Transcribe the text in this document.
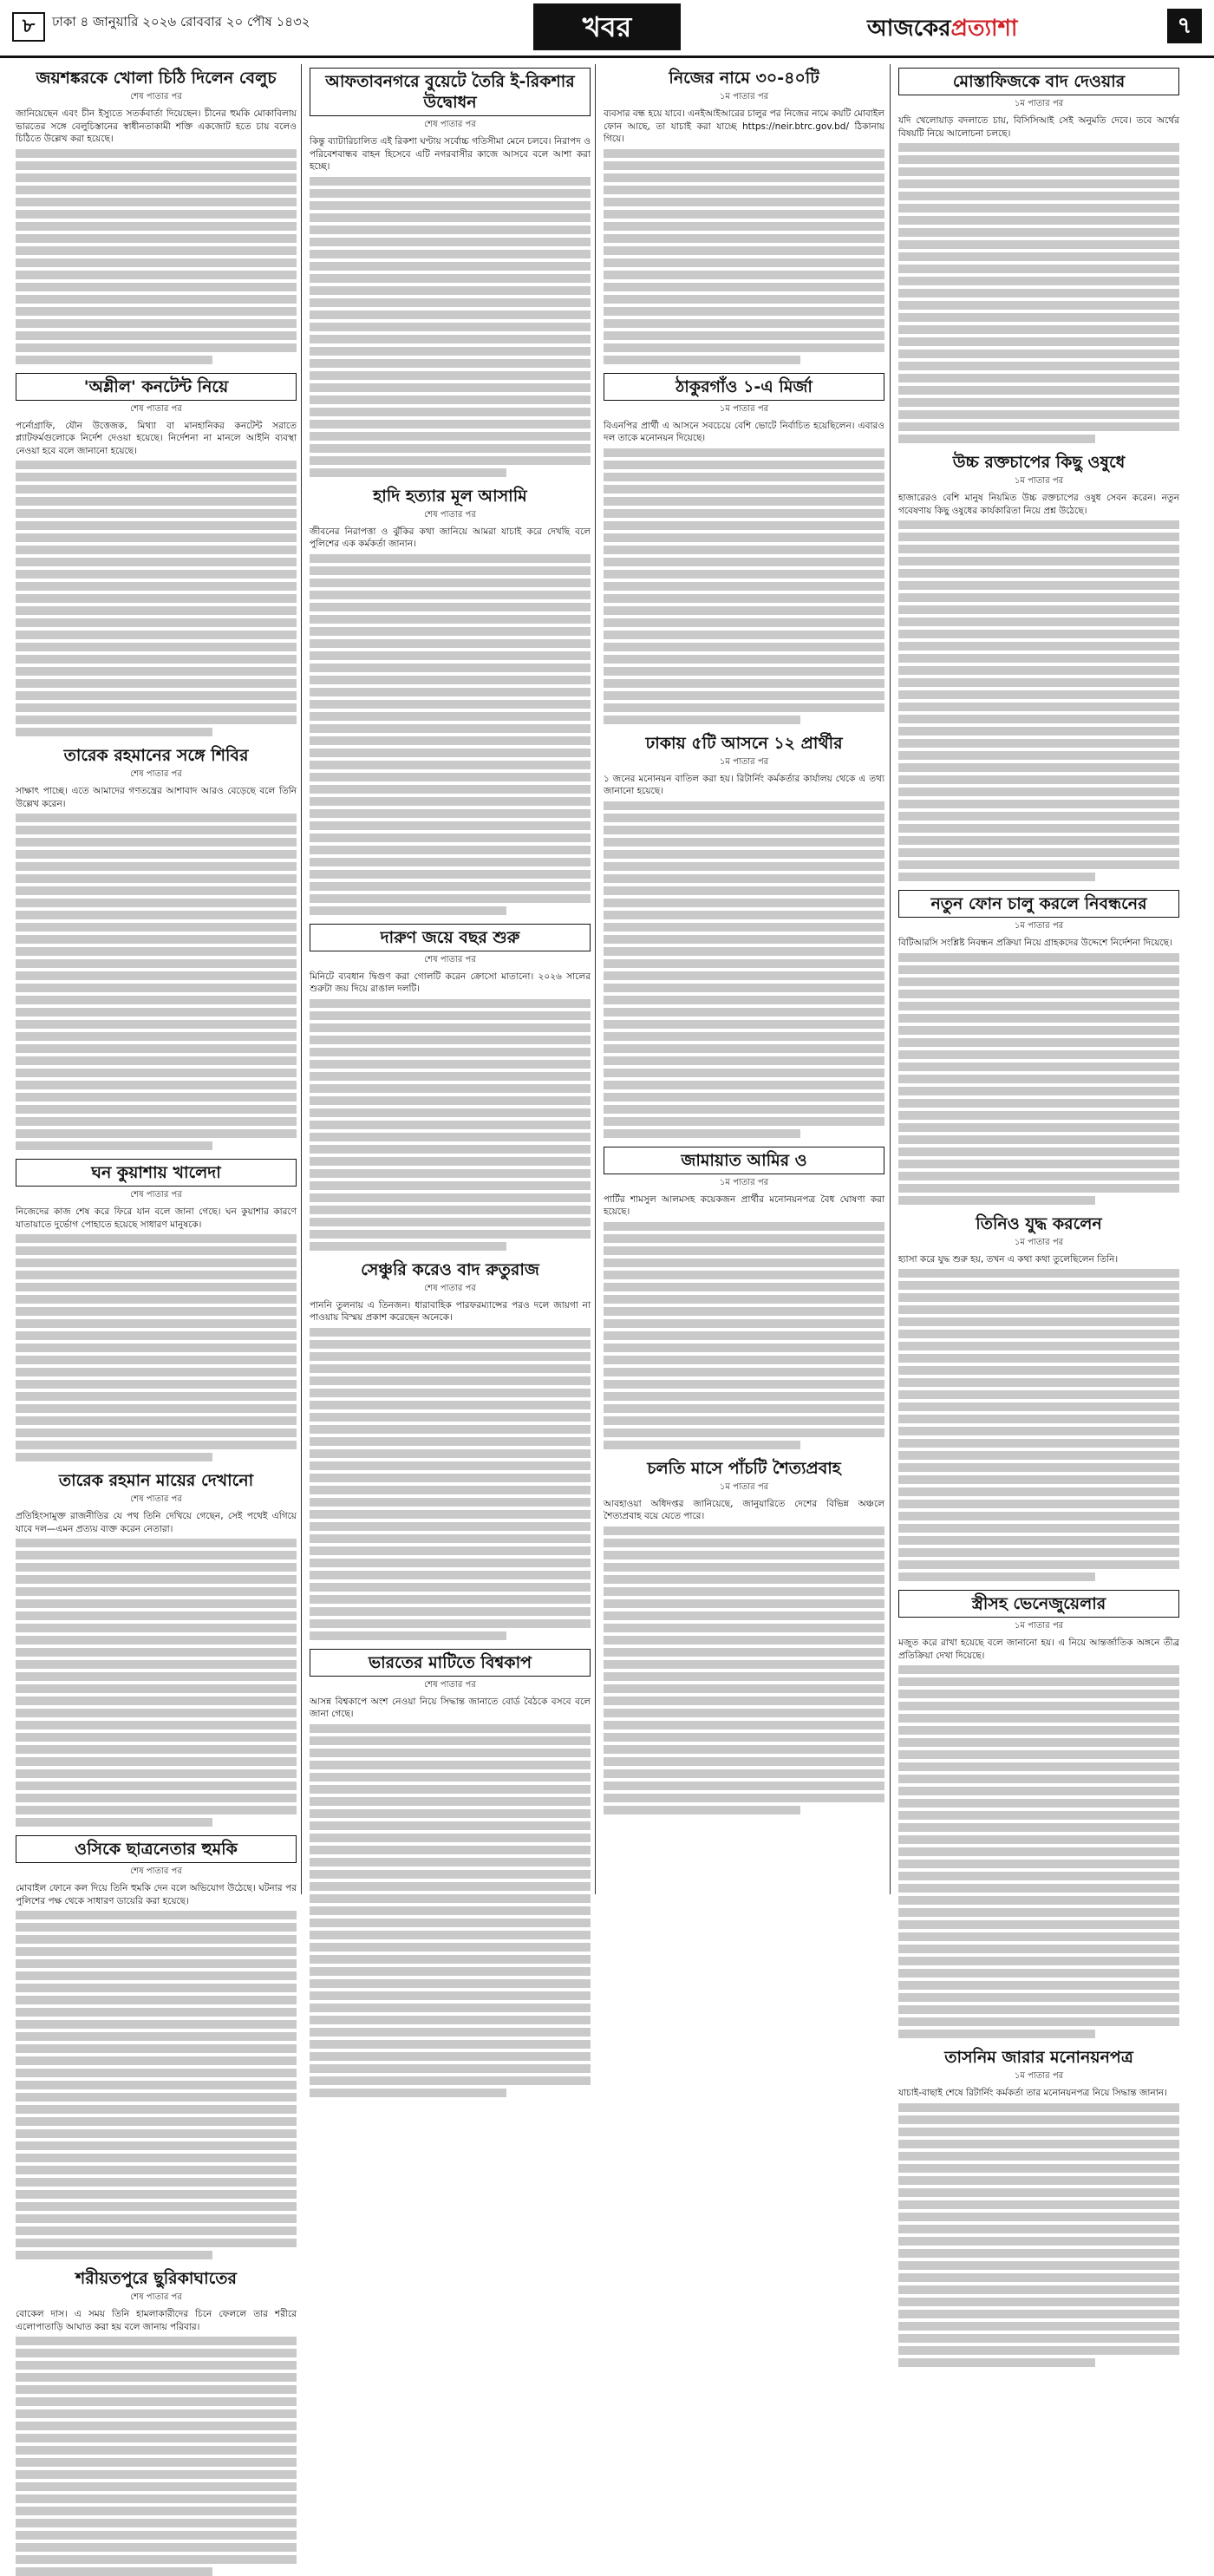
৮	ঢাকা ৪ জানুয়ারি ২০২৬ রোববার ২০ পৌষ ১৪৩২	খবর	আজকেরপ্রত্যাশা	৭
জয়শঙ্করকে খোলা চিঠি দিলেন বেলুচ
শেষ পাতার পর

জানিয়েছেন এবং চীন ইস্যুতে সতর্কবার্তা দিয়েছেন। চীনের হুমকি মোকাবিলায় ভারতের সঙ্গে বেলুচিস্তানের স্বাধীনতাকামী শক্তি একজোট হতে চায় বলেও চিঠিতে উল্লেখ করা হয়েছে।

'অশ্লীল' কনটেন্ট নিয়ে
শেষ পাতার পর

পর্নোগ্রাফি, যৌন উত্তেজক, মিথ্যা বা মানহানিকর কনটেন্ট সরাতে প্ল্যাটফর্মগুলোকে নির্দেশ দেওয়া হয়েছে। নির্দেশনা না মানলে আইনি ব্যবস্থা নেওয়া হবে বলে জানানো হয়েছে।

তারেক রহমানের সঙ্গে শিবির
শেষ পাতার পর

সাক্ষাৎ পাচ্ছে। এতে আমাদের গণতন্ত্রের আশাবাদ আরও বেড়েছে বলে তিনি উল্লেখ করেন।

ঘন কুয়াশায় খালেদা
শেষ পাতার পর

নিজেদের কাজ শেষ করে ফিরে যান বলে জানা গেছে। ঘন কুয়াশার কারণে যাতায়াতে দুর্ভোগ পোহাতে হয়েছে সাধারণ মানুষকে।

তারেক রহমান মায়ের দেখানো
শেষ পাতার পর

প্রতিহিংসামুক্ত রাজনীতির যে পথ তিনি দেখিয়ে গেছেন, সেই পথেই এগিয়ে যাবে দল—এমন প্রত্যয় ব্যক্ত করেন নেতারা।

ওসিকে ছাত্রনেতার হুমকি
শেষ পাতার পর

মোবাইল ফোনে কল দিয়ে তিনি হুমকি দেন বলে অভিযোগ উঠেছে। ঘটনার পর পুলিশের পক্ষ থেকে সাধারণ ডায়েরি করা হয়েছে।

শরীয়তপুরে ছুরিকাঘাতের
শেষ পাতার পর

বোকেল দাস। এ সময় তিনি হামলাকারীদের চিনে ফেললে তার শরীরে এলোপাতাড়ি আঘাত করা হয় বলে জানায় পরিবার।

আফতাবনগরে বুয়েটে তৈরি ই-রিকশার উদ্বোধন
শেষ পাতার পর

কিন্তু ব্যাটারিচালিত এই রিকশা ঘণ্টায় সর্বোচ্চ গতিসীমা মেনে চলবে। নিরাপদ ও পরিবেশবান্ধব বাহন হিসেবে এটি নগরবাসীর কাজে আসবে বলে আশা করা হচ্ছে।

হাদি হত্যার মূল আসামি
শেষ পাতার পর

জীবনের নিরাপত্তা ও ঝুঁকির কথা জানিয়ে আমরা যাচাই করে দেখছি বলে পুলিশের এক কর্মকর্তা জানান।

দারুণ জয়ে বছর শুরু
শেষ পাতার পর

মিনিটে ব্যবধান দ্বিগুণ করা গোলটি করেন ক্রোসো মাতানো। ২০২৬ সালের শুরুটা জয় দিয়ে রাঙাল দলটি।

সেঞ্চুরি করেও বাদ রুতুরাজ
শেষ পাতার পর

পাননি তুলনায় এ তিনজন। ধারাবাহিক পারফরম্যান্সের পরও দলে জায়গা না পাওয়ায় বিস্ময় প্রকাশ করেছেন অনেকে।

ভারতের মাটিতে বিশ্বকাপ
শেষ পাতার পর

আসন্ন বিশ্বকাপে অংশ নেওয়া নিয়ে সিদ্ধান্ত জানাতে বোর্ড বৈঠকে বসবে বলে জানা গেছে।

নিজের নামে ৩০-৪০টি
১ম পাতার পর

ব্যবসার বন্ধ হয়ে যাবে। এনইআইআরের চালুর পর নিজের নামে কয়টি মোবাইল ফোন আছে, তা যাচাই করা যাচ্ছে https://neir.btrc.gov.bd/ ঠিকানায় গিয়ে।

ঠাকুরগাঁও ১-এ মির্জা
১ম পাতার পর

বিএনপির প্রার্থী এ আসনে সবচেয়ে বেশি ভোটে নির্বাচিত হয়েছিলেন। এবারও দল তাকে মনোনয়ন দিয়েছে।

ঢাকায় ৫টি আসনে ১২ প্রার্থীর
১ম পাতার পর

১ জনের মনোনয়ন বাতিল করা হয়। রিটার্নিং কর্মকর্তার কার্যালয় থেকে এ তথ্য জানানো হয়েছে।

জামায়াত আমির ও
১ম পাতার পর

পার্টির শামসুল আলমসহ কয়েকজন প্রার্থীর মনোনয়নপত্র বৈধ ঘোষণা করা হয়েছে।

চলতি মাসে পাঁচটি শৈত্যপ্রবাহ
১ম পাতার পর

আবহাওয়া অধিদপ্তর জানিয়েছে, জানুয়ারিতে দেশের বিভিন্ন অঞ্চলে শৈত্যপ্রবাহ বয়ে যেতে পারে।

মোস্তাফিজকে বাদ দেওয়ার
১ম পাতার পর

যদি খেলোয়াড় বদলাতে চায়, বিসিসিআই সেই অনুমতি দেবে। তবে অর্থের বিষয়টি নিয়ে আলোচনা চলছে।

উচ্চ রক্তচাপের কিছু ওষুধে
১ম পাতার পর

হাজারেরও বেশি মানুষ নিয়মিত উচ্চ রক্তচাপের ওষুধ সেবন করেন। নতুন গবেষণায় কিছু ওষুধের কার্যকারিতা নিয়ে প্রশ্ন উঠেছে।

নতুন ফোন চালু করলে নিবন্ধনের
১ম পাতার পর

বিটিআরসি সংশ্লিষ্ট নিবন্ধন প্রক্রিয়া নিয়ে গ্রাহকদের উদ্দেশে নির্দেশনা দিয়েছে।

তিনিও যুদ্ধ করলেন
১ম পাতার পর

হ্যাসা করে যুদ্ধ শুরু হয়, তখন এ কথা কথা তুলেছিলেন তিনি।

স্ত্রীসহ ভেনেজুয়েলার
১ম পাতার পর

মজুত করে রাখা হয়েছে বলে জানানো হয়। এ নিয়ে আন্তর্জাতিক অঙ্গনে তীব্র প্রতিক্রিয়া দেখা দিয়েছে।

তাসনিম জারার মনোনয়নপত্র
১ম পাতার পর

যাচাই-বাছাই শেষে রিটার্নিং কর্মকর্তা তার মনোনয়নপত্র নিয়ে সিদ্ধান্ত জানান।
